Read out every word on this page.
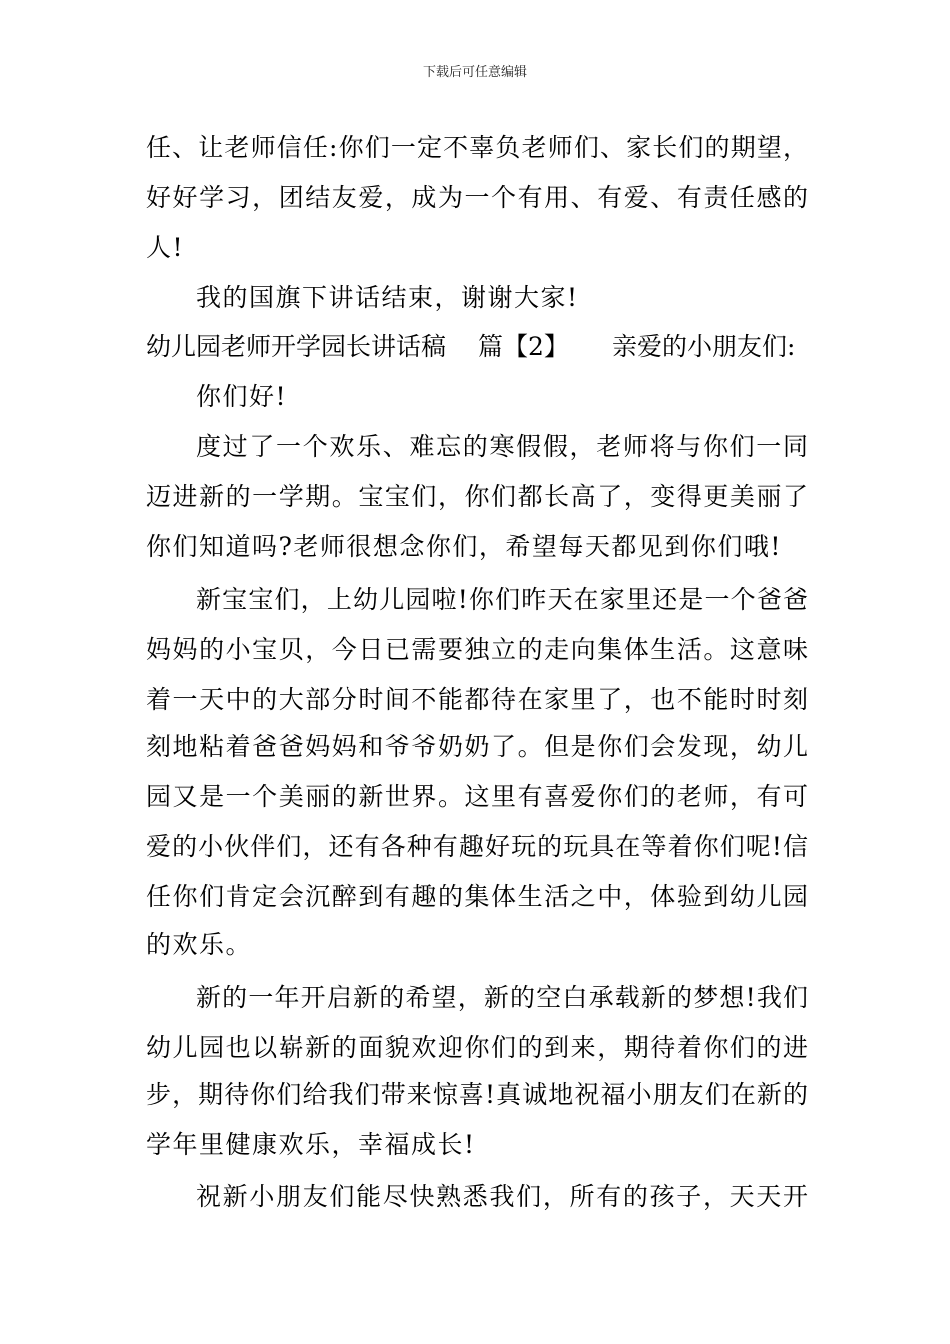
下载后可任意编辑
任、让老师信任:你们一定不辜负老师们、家长们的期望，
好好学习，团结友爱，成为一个有用、有爱、有责任感的
人!
我的国旗下讲话结束，谢谢大家!
幼儿园老师开学园长讲话稿 篇【2】 亲爱的小朋友们:
你们好!
度过了一个欢乐、难忘的寒假假，老师将与你们一同
迈进新的一学期。宝宝们，你们都长高了，变得更美丽了
你们知道吗?老师很想念你们，希望每天都见到你们哦!
新宝宝们，上幼儿园啦!你们昨天在家里还是一个爸爸
妈妈的小宝贝，今日已需要独立的走向集体生活。这意味
着一天中的大部分时间不能都待在家里了，也不能时时刻
刻地粘着爸爸妈妈和爷爷奶奶了。但是你们会发现，幼儿
园又是一个美丽的新世界。这里有喜爱你们的老师，有可
爱的小伙伴们，还有各种有趣好玩的玩具在等着你们呢!信
任你们肯定会沉醉到有趣的集体生活之中，体验到幼儿园
的欢乐。
新的一年开启新的希望，新的空白承载新的梦想!我们
幼儿园也以崭新的面貌欢迎你们的到来，期待着你们的进
步，期待你们给我们带来惊喜!真诚地祝福小朋友们在新的
学年里健康欢乐，幸福成长!
祝新小朋友们能尽快熟悉我们，所有的孩子，天天开
